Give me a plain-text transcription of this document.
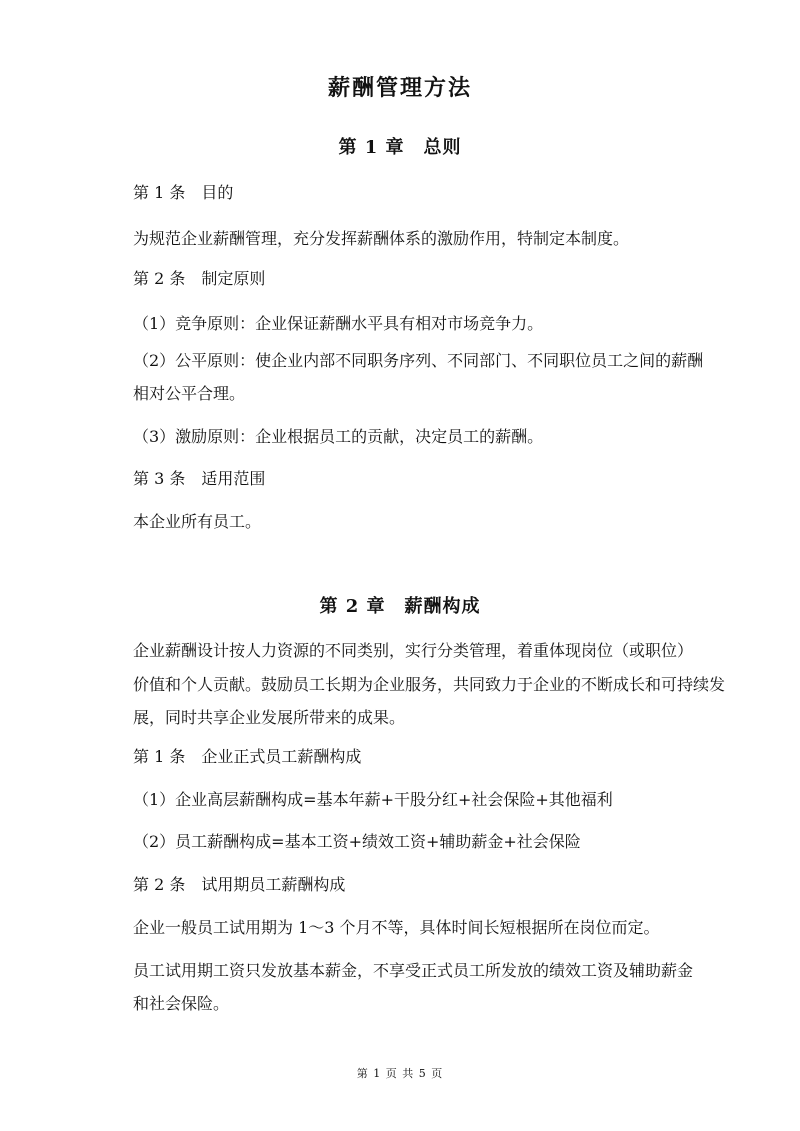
薪酬管理方法
第 1 章　总则
第 1 条　目的
为规范企业薪酬管理，充分发挥薪酬体系的激励作用，特制定本制度。
第 2 条　制定原则
（1）竞争原则：企业保证薪酬水平具有相对市场竞争力。
（2）公平原则：使企业内部不同职务序列、不同部门、不同职位员工之间的薪酬
相对公平合理。
（3）激励原则：企业根据员工的贡献，决定员工的薪酬。
第 3 条　适用范围
本企业所有员工。
第 2 章　薪酬构成
企业薪酬设计按人力资源的不同类别，实行分类管理，着重体现岗位（或职位）
价值和个人贡献。鼓励员工长期为企业服务，共同致力于企业的不断成长和可持续发
展，同时共享企业发展所带来的成果。
第 1 条　企业正式员工薪酬构成
（1）企业高层薪酬构成=基本年薪+干股分红+社会保险+其他福利
（2）员工薪酬构成=基本工资+绩效工资+辅助薪金+社会保险
第 2 条　试用期员工薪酬构成
企业一般员工试用期为 1～3 个月不等，具体时间长短根据所在岗位而定。
员工试用期工资只发放基本薪金，不享受正式员工所发放的绩效工资及辅助薪金
和社会保险。
第 1 页 共 5 页
